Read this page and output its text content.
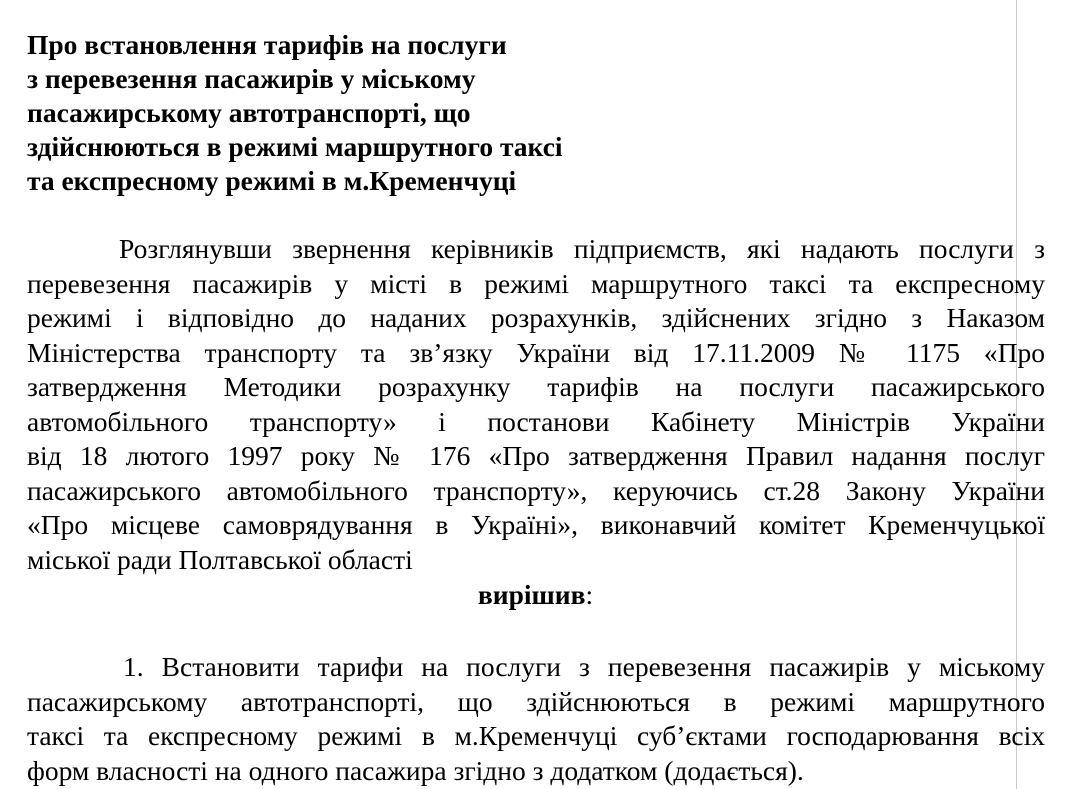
Про встановлення тарифів на послуги
з перевезення пасажирів у міському
пасажирському автотранспорті, що
здійснюються в режимі маршрутного таксі
та експресному режимі в м.Кременчуці
Розглянувши звернення керівників підприємств, які надають послуги з
перевезення пасажирів у місті в режимі маршрутного таксі та експресному
режимі і відповідно до наданих розрахунків, здійснених згідно з Наказом
Міністерства транспорту та зв’язку України від 17.11.2009 № 1175 «Про
затвердження Методики розрахунку тарифів на послуги пасажирського
автомобільного транспорту» і постанови Кабінету Міністрів України
від 18 лютого 1997 року № 176 «Про затвердження Правил надання послуг
пасажирського автомобільного транспорту», керуючись ст.28 Закону України
«Про місцеве самоврядування в Україні», виконавчий комітет Кременчуцької
міської ради Полтавської області
вирішив:
1. Встановити тарифи на послуги з перевезення пасажирів у міському
пасажирському автотранспорті, що здійснюються в режимі маршрутного
таксі та експресному режимі в м.Кременчуці суб’єктами господарювання всіх
форм власності на одного пасажира згідно з додатком (додається).
